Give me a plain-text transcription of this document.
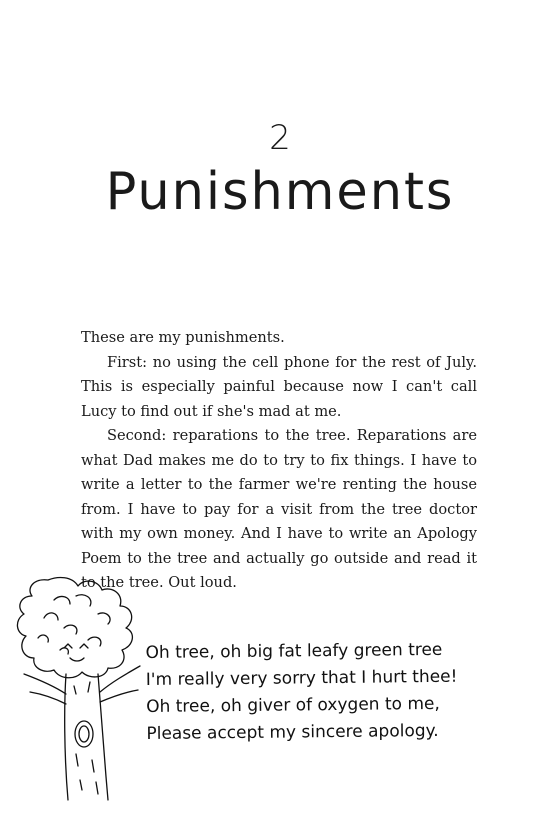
2
Punishments

These are my punishments.

First: no using the cell phone for the rest of July. This is especially painful because now I can't call Lucy to find out if she's mad at me.

Second: reparations to the tree. Reparations are what Dad makes me do to try to fix things. I have to write a letter to the farmer we're renting the house from. I have to pay for a visit from the tree doctor with my own money. And I have to write an Apology Poem to the tree and actually go outside and read it to the tree. Out loud.

Oh tree, oh big fat leafy green tree
I'm really very sorry that I hurt thee!
Oh tree, oh giver of oxygen to me,
Please accept my sincere apology.
